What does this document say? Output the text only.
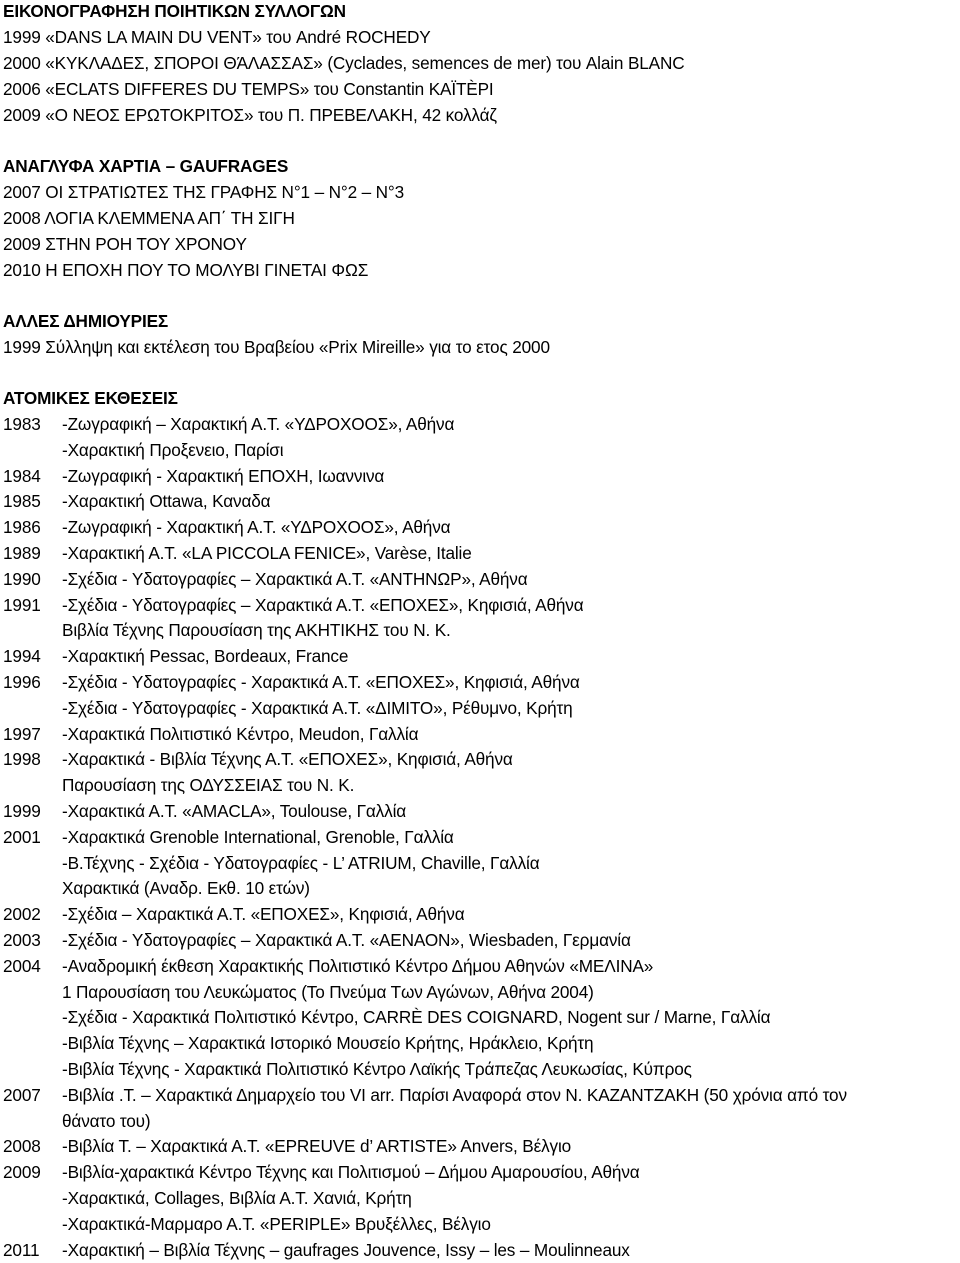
ΕΙΚΟΝΟΓΡΑΦΗΣΗ ΠΟΙΗΤΙΚΩΝ ΣΥΛΛΟΓΩΝ
1999 «DANS LA MAIN DU VENT» του André ROCHEDY
2000 «ΚΥΚΛΑΔΕΣ, ΣΠΟΡΟΙ ΘΆΛΑΣΣΑΣ» (Cyclades, semences de mer) του Alain BLANC
2006 «ECLATS DIFFERES DU TEMPS» του Constantin ΚΑΪΤÈΡΙ
2009 «Ο ΝΕΟΣ ΕΡΩΤΟΚΡΙΤΟΣ» του Π. ΠΡΕΒΕΛΑΚΗ, 42 κολλάζ
ΑΝΑΓΛΥΦΑ ΧΑΡΤΙΑ – GAUFRAGES
2007 ΟΙ ΣΤΡΑΤΙΩΤΕΣ ΤΗΣ ΓΡΑΦΗΣ N°1 – N°2 – N°3
2008 ΛΟΓΙΑ ΚΛΕΜΜΕΝΑ ΑΠ΄ ΤΗ ΣΙΓΗ
2009 ΣΤΗΝ ΡΟΗ ΤΟΥ ΧΡΟΝΟΥ
2010 Η ΕΠΟΧΗ ΠΟΥ ΤΟ ΜΟΛΥΒΙ ΓΙΝΕΤΑΙ ΦΩΣ
ΑΛΛΕΣ ΔΗΜΙΟΥΡΙΕΣ
1999 Σύλληψη και εκτέλεση του Βραβείου «Prix Mireille» για το ετος 2000
ΑΤΟΜΙΚΕΣ ΕΚΘΕΣΕΙΣ
1983 -Ζωγραφική – Χαρακτική Α.Τ. «ΥΔΡΟΧΟΟΣ», Αθήνα
-Χαρακτική Προξενειο, Παρίσι
1984 -Ζωγραφική - Χαρακτική ΕΠΟΧΗ, Ιωαννινα
1985 -Χαρακτική Ottawa, Καναδα
1986 -Ζωγραφική - Χαρακτική Α.Τ. «ΥΔΡΟΧΟΟΣ», Αθήνα
1989 -Χαρακτική Α.Τ. «LA PICCOLA FENICE», Varèse, Italie
1990 -Σχέδια - Υδατογραφίες – Χαρακτικά Α.Τ. «ΑΝΤΗΝΩΡ», Αθήνα
1991 -Σχέδια - Υδατογραφίες – Χαρακτικά Α.Τ. «ΕΠΟΧΕΣ», Κηφισιά, Αθήνα
Βιβλία Τέχνης Παρουσίαση της ΑΚΗΤΙΚΗΣ του Ν. Κ.
1994 -Χαρακτική Pessac, Bordeaux, France
1996 -Σχέδια - Υδατογραφίες - Χαρακτικά Α.Τ. «ΕΠΟΧΕΣ», Κηφισιά, Αθήνα
-Σχέδια - Υδατογραφίες - Χαρακτικά Α.Τ. «ΔΙΜΙΤΟ», Ρέθυμνο, Κρήτη
1997 -Χαρακτικά Πολιτιστικό Κέντρο, Meudon, Γαλλία
1998 -Χαρακτικά - Βιβλία Τέχνης Α.Τ. «ΕΠΟΧΕΣ», Κηφισιά, Αθήνα
Παρουσίαση της ΟΔΥΣΣΕΙΑΣ του Ν. Κ.
1999 -Χαρακτικά Α.Τ. «AMACLA», Toulouse, Γαλλία
2001 -Χαρακτικά Grenoble International, Grenoble, Γαλλία
-Β.Τέχνης - Σχέδια - Υδατογραφίες - L’ ATRIUM, Chaville, Γαλλία
Χαρακτικά (Αναδρ. Εκθ. 10 ετών)
2002 -Σχέδια – Χαρακτικά Α.Τ. «ΕΠΟΧΕΣ», Κηφισιά, Αθήνα
2003 -Σχέδια - Υδατογραφίες – Χαρακτικά Α.Τ. «ΑΕΝΑΟΝ», Wiesbaden, Γερμανία
2004 -Αναδρομική έκθεση Χαρακτικής Πολιτιστικό Κέντρο Δήμου Αθηνών «ΜΕΛΙΝΑ»
1 Παρουσίαση του Λευκώματος (Το Πνεύμα Των Αγώνων, Αθήνα 2004)
-Σχέδια - Χαρακτικά Πολιτιστικό Κέντρο, CARRÈ DES COIGNARD, Nogent sur / Marne, Γαλλία
-Βιβλία Τέχνης – Χαρακτικά Ιστορικό Μουσείο Κρήτης, Ηράκλειο, Κρήτη
-Βιβλία Τέχνης - Χαρακτικά Πολιτιστικό Κέντρο Λαϊκής Τράπεζας Λευκωσίας, Κύπρος
2007 -Βιβλία .Τ. – Χαρακτικά Δημαρχείο του VI arr. Παρίσι Αναφορά στον Ν. ΚΑΖΑΝΤΖΑΚΗ (50 χρόνια από τον
θάνατο του)
2008 -Βιβλία Τ. – Χαρακτικά Α.Τ. «EPREUVE d’ ARTISTE» Anvers, Βέλγιο
2009 -Βιβλία-χαρακτικά Κέντρο Τέχνης και Πολιτισμού – Δήμου Αμαρουσίου, Αθήνα
-Χαρακτικά, Collages, Βιβλία Α.Τ. Χανιά, Κρήτη
-Χαρακτικά-Μαρμαρο Α.Τ. «PERIPLE» Βρυξέλλες, Βέλγιο
2011 -Χαρακτική – Βιβλία Τέχνης – gaufrages Jouvence, Issy – les – Moulinneaux
